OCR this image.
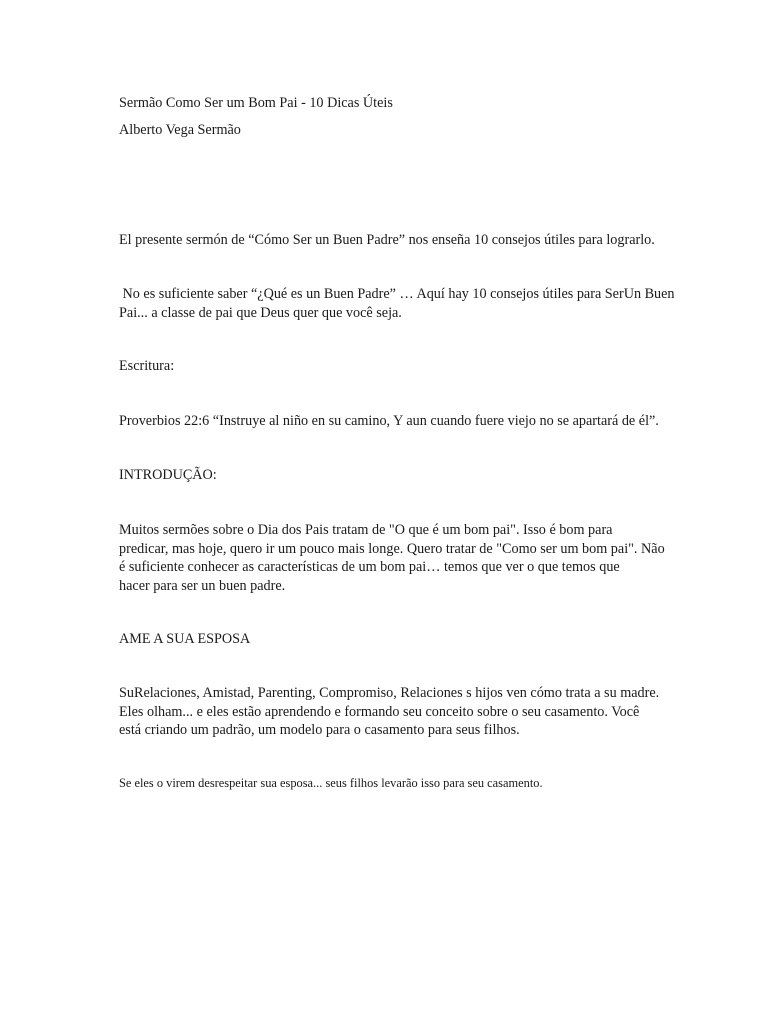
Sermão Como Ser um Bom Pai - 10 Dicas Úteis

Alberto Vega Sermão

El presente sermón de “Cómo Ser un Buen Padre” nos enseña 10 consejos útiles para lograrlo.

No es suficiente saber “¿Qué es un Buen Padre” … Aquí hay 10 consejos útiles para SerUn Buen
Pai... a classe de pai que Deus quer que você seja.

Escritura:

Proverbios 22:6 “Instruye al niño en su camino, Y aun cuando fuere viejo no se apartará de él”.

INTRODUÇÃO:

Muitos sermões sobre o Dia dos Pais tratam de "O que é um bom pai". Isso é bom para
predicar, mas hoje, quero ir um pouco mais longe. Quero tratar de "Como ser um bom pai". Não
é suficiente conhecer as características de um bom pai… temos que ver o que temos que
hacer para ser un buen padre.

AME A SUA ESPOSA

SuRelaciones, Amistad, Parenting, Compromiso, Relaciones s hijos ven cómo trata a su madre.
Eles olham... e eles estão aprendendo e formando seu conceito sobre o seu casamento. Você
está criando um padrão, um modelo para o casamento para seus filhos.

Se eles o virem desrespeitar sua esposa... seus filhos levarão isso para seu casamento.
